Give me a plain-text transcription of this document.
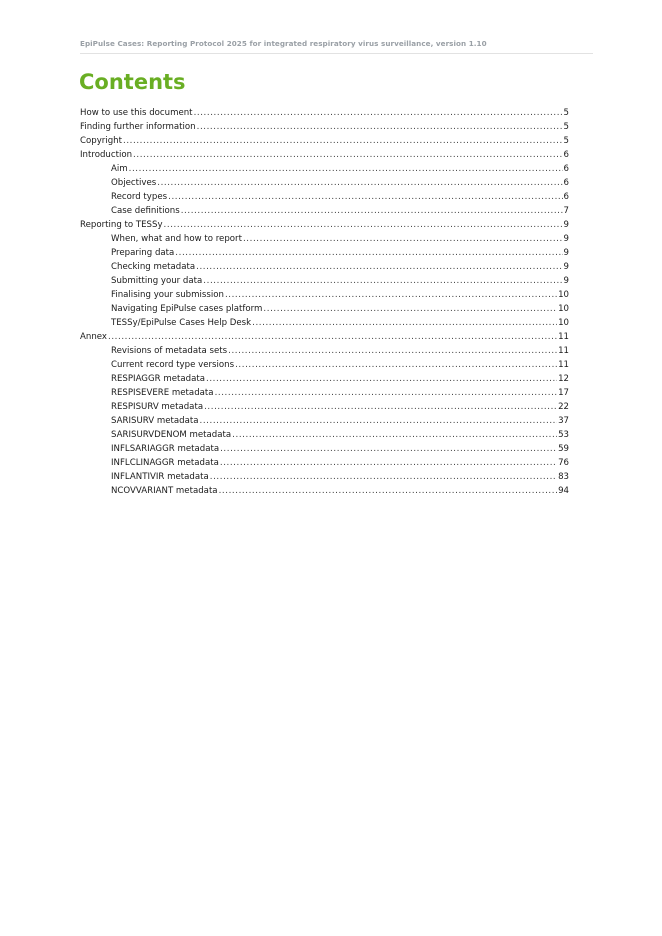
EpiPulse Cases: Reporting Protocol 2025 for integrated respiratory virus surveillance, version 1.10
Contents
How to use this document .....	5
Finding further information .....	5
Copyright .....	5
Introduction .....	6
Aim .....	6
Objectives .....	6
Record types .....	6
Case definitions .....	7
Reporting to TESSy .....	9
When, what and how to report .....	9
Preparing data .....	9
Checking metadata .....	9
Submitting your data .....	9
Finalising your submission .....	10
Navigating EpiPulse cases platform .....	10
TESSy/EpiPulse Cases Help Desk .....	10
Annex .....	11
Revisions of metadata sets .....	11
Current record type versions .....	11
RESPIAGGR metadata .....	12
RESPISEVERE metadata .....	17
RESPISURV metadata .....	22
SARISURV metadata .....	37
SARISURVDENOM metadata .....	53
INFLSARIAGGR metadata .....	59
INFLCLINAGGR metadata .....	76
INFLANTIVIR metadata .....	83
NCOVVARIANT metadata .....	94
